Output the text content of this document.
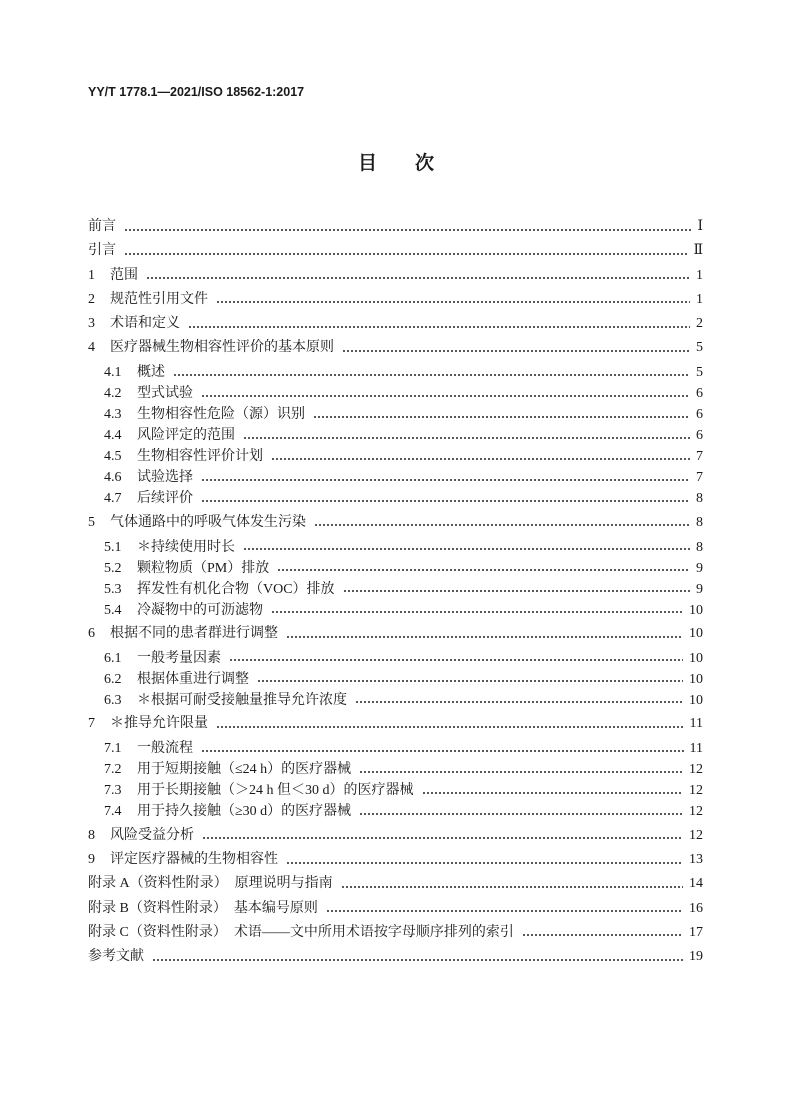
YY/T 1778.1—2021/ISO 18562-1:2017
目　　次
前言	Ⅰ
引言	Ⅱ
1	范围	1
2	规范性引用文件	1
3	术语和定义	2
4	医疗器械生物相容性评价的基本原则	5
4.1	概述	5
4.2	型式试验	6
4.3	生物相容性危险（源）识别	6
4.4	风险评定的范围	6
4.5	生物相容性评价计划	7
4.6	试验选择	7
4.7	后续评价	8
5	气体通路中的呼吸气体发生污染	8
5.1	＊持续使用时长	8
5.2	颗粒物质（PM）排放	9
5.3	挥发性有机化合物（VOC）排放	9
5.4	冷凝物中的可沥滤物	10
6	根据不同的患者群进行调整	10
6.1	一般考量因素	10
6.2	根据体重进行调整	10
6.3	＊根据可耐受接触量推导允许浓度	10
7	＊推导允许限量	11
7.1	一般流程	11
7.2	用于短期接触（≤24 h）的医疗器械	12
7.3	用于长期接触（＞24 h 但＜30 d）的医疗器械	12
7.4	用于持久接触（≥30 d）的医疗器械	12
8	风险受益分析	12
9	评定医疗器械的生物相容性	13
附录 A（资料性附录）　原理说明与指南	14
附录 B（资料性附录）　基本编号原则	16
附录 C（资料性附录）　术语——文中所用术语按字母顺序排列的索引	17
参考文献	19
